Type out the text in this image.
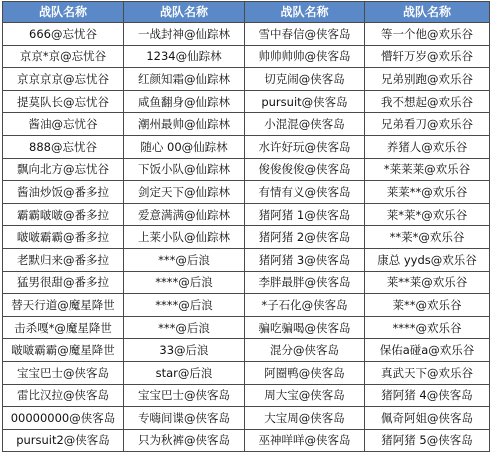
战队名称	战队名称	战队名称	战队名称
666@忘忧谷	一战封神@仙踪林	雪中春信@侠客岛	等一个他@欢乐谷
京京*京@忘忧谷	1234@仙踪林	帅帅帅帅@侠客岛	懵轩万岁@欢乐谷
京京京京@忘忧谷	红颜知霜@仙踪林	切克闹@侠客岛	兄弟别跑@欢乐谷
提莫队长@忘忧谷	咸鱼翻身@仙踪林	pursuit@侠客岛	我不想起@欢乐谷
酱油@忘忧谷	潮州最帅@仙踪林	小混混@侠客岛	兄弟看刀@欢乐谷
888@忘忧谷	随心 00@仙踪林	水许好玩@侠客岛	养猪人@欢乐谷
飘向北方@忘忧谷	下饭小队@仙踪林	俊俊俊俊@侠客岛	*莱莱莱@欢乐谷
酱油炒饭@番多拉	剑定天下@仙踪林	有情有义@侠客岛	莱莱**@欢乐谷
霸霸啵啵@番多拉	爱意满满@仙踪林	猪阿猪 1@侠客岛	莱*莱*@欢乐谷
啵啵霸霸@番多拉	上莱小队@仙踪林	猪阿猪 2@侠客岛	**莱*@欢乐谷
老默归来@番多拉	***@后浪	猪阿猪 3@侠客岛	康总 yyds@欢乐谷
猛男很甜@番多拉	****@后浪	李胖最胖@侠客岛	莱**莱@欢乐谷
替天行道@魔星降世	****@后浪	*子石化@侠客岛	莱**@欢乐谷
击杀嘎*@魔星降世	***@后浪	骗吃骗喝@侠客岛	****@欢乐谷
啵啵霸霸@魔星降世	33@后浪	混分@侠客岛	保佑a碰a@欢乐谷
宝宝巴士@侠客岛	star@后浪	阿圈鸭@侠客岛	真武天下@欢乐谷
雷比汉拉@侠客岛	宝宝巴士@侠客岛	周大宝@侠客岛	猪阿猪 4@侠客岛
00000000@侠客岛	专嗨间谍@侠客岛	大宝周@侠客岛	佩奇阿姐@侠客岛
pursuit2@侠客岛	只为秋裤@侠客岛	巫神咩咩@侠客岛	猪阿猪 5@侠客岛
